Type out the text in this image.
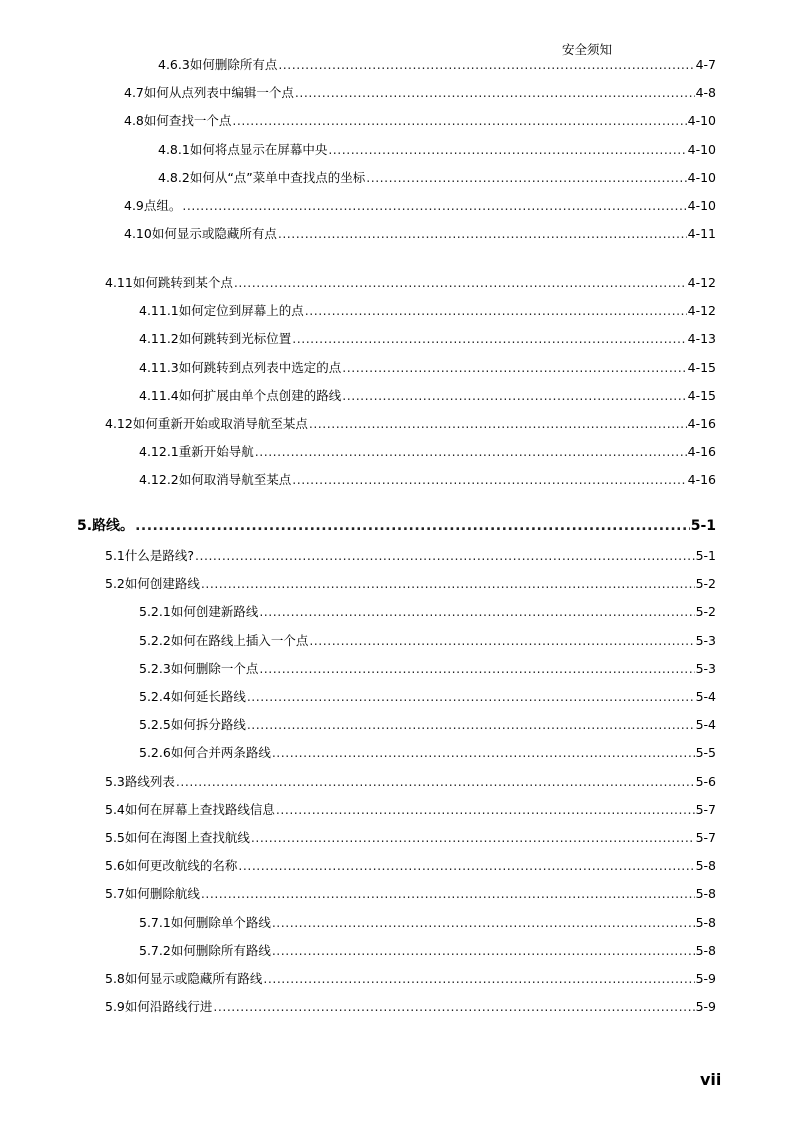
安全须知
4.6.3 如何删除所有点 .....	4-7
4.7 如何从点列表中编辑一个点 .....	4-8
4.8 如何查找一个点 .....	4-10
4.8.1 如何将点显示在屏幕中央 .....	4-10
4.8.2 如何从“点”菜单中查找点的坐标 .....	4-10
4.9 点组。 .....	4-10
4.10 如何显示或隐藏所有点 .....	4-11
4.11 如何跳转到某个点 .....	4-12
4.11.1 如何定位到屏幕上的点 .....	4-12
4.11.2 如何跳转到光标位置 .....	4-13
4.11.3 如何跳转到点列表中选定的点 .....	4-15
4.11.4 如何扩展由单个点创建的路线 .....	4-15
4.12 如何重新开始或取消导航至某点 .....	4-16
4.12.1 重新开始导航 .....	4-16
4.12.2 如何取消导航至某点 .....	4-16
5. 路线。 .....	5-1
5.1 什么是路线? .....	5-1
5.2 如何创建路线 .....	5-2
5.2.1 如何创建新路线 .....	5-2
5.2.2 如何在路线上插入一个点 .....	5-3
5.2.3 如何删除一个点 .....	5-3
5.2.4 如何延长路线 .....	5-4
5.2.5 如何拆分路线 .....	5-4
5.2.6 如何合并两条路线 .....	5-5
5.3 路线列表 .....	5-6
5.4 如何在屏幕上查找路线信息 .....	5-7
5.5 如何在海图上查找航线 .....	5-7
5.6 如何更改航线的名称 .....	5-8
5.7 如何删除航线 .....	5-8
5.7.1 如何删除单个路线 .....	5-8
5.7.2 如何删除所有路线 .....	5-8
5.8 如何显示或隐藏所有路线 .....	5-9
5.9 如何沿路线行进 .....	5-9
vii
